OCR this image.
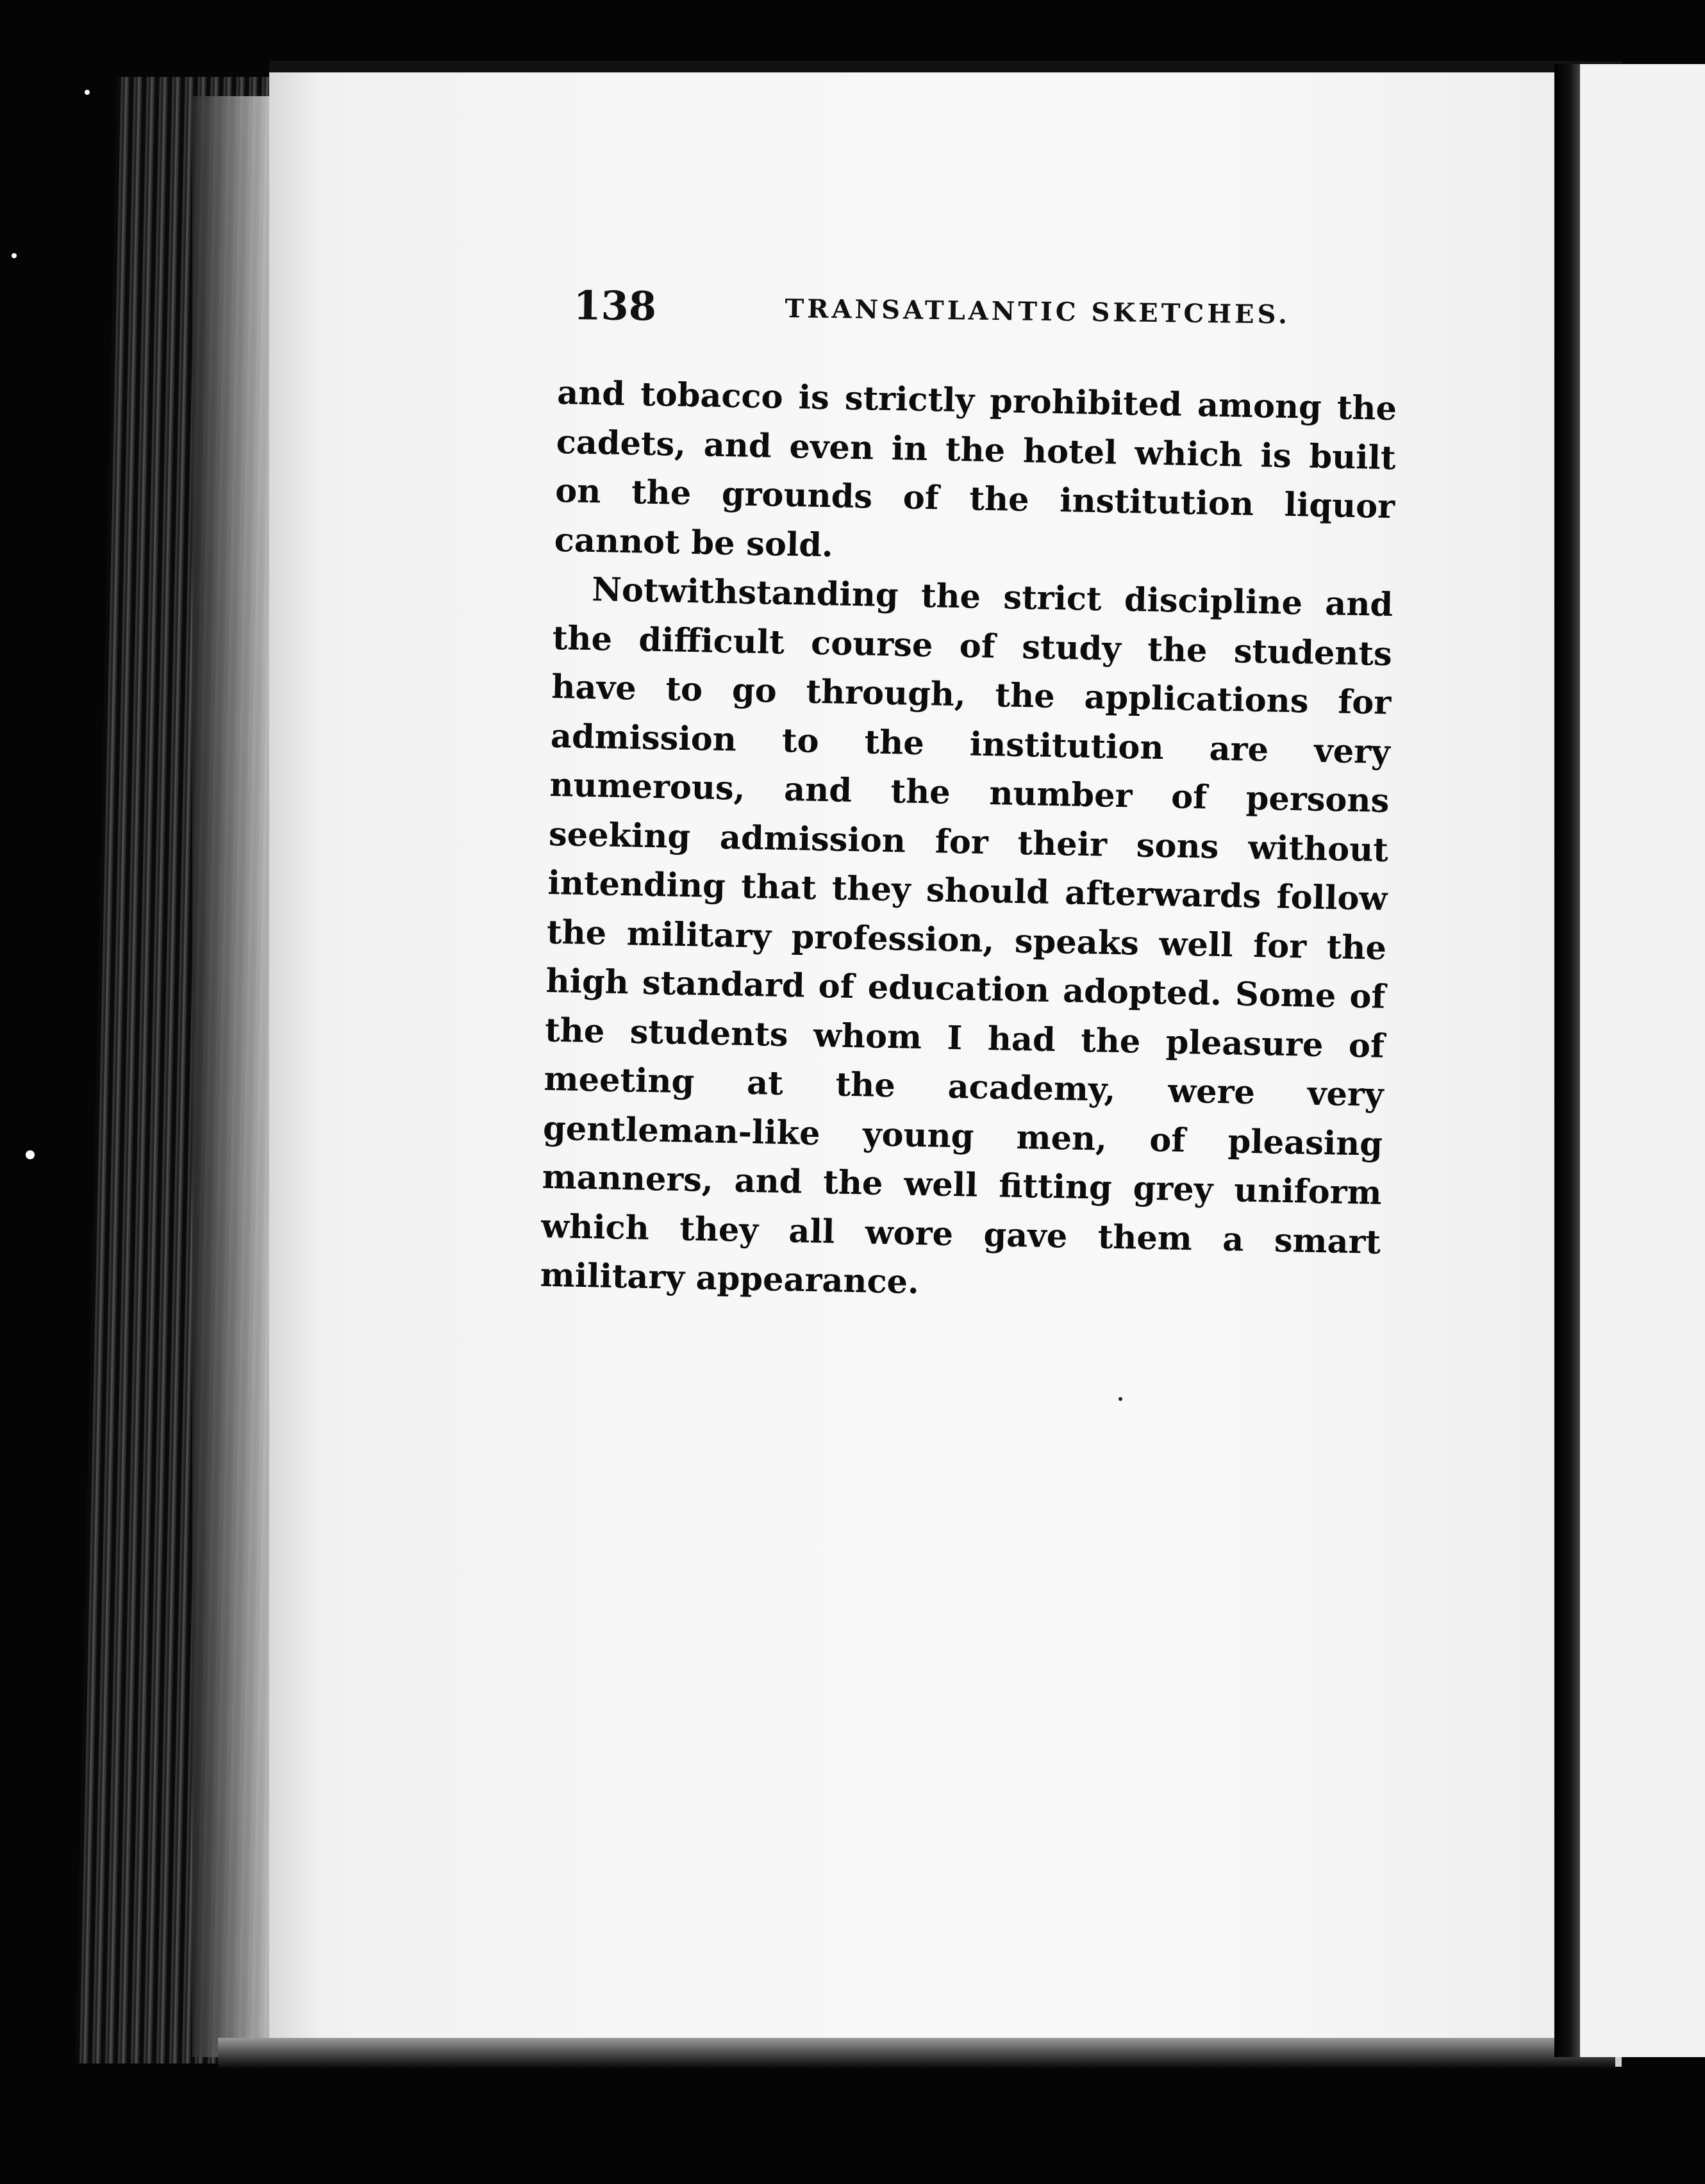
138	TRANSATLANTIC SKETCHES.

and tobacco is strictly prohibited among the cadets, and even in the hotel which is built on the grounds of the institution liquor cannot be sold.

Notwithstanding the strict discipline and the difficult course of study the students have to go through, the applications for admission to the institution are very numerous, and the number of persons seeking admission for their sons without intending that they should afterwards follow the military profession, speaks well for the high standard of education adopted. Some of the students whom I had the pleasure of meeting at the academy, were very gentleman-like young men, of pleasing manners, and the well fitting grey uniform which they all wore gave them a smart military appearance.
